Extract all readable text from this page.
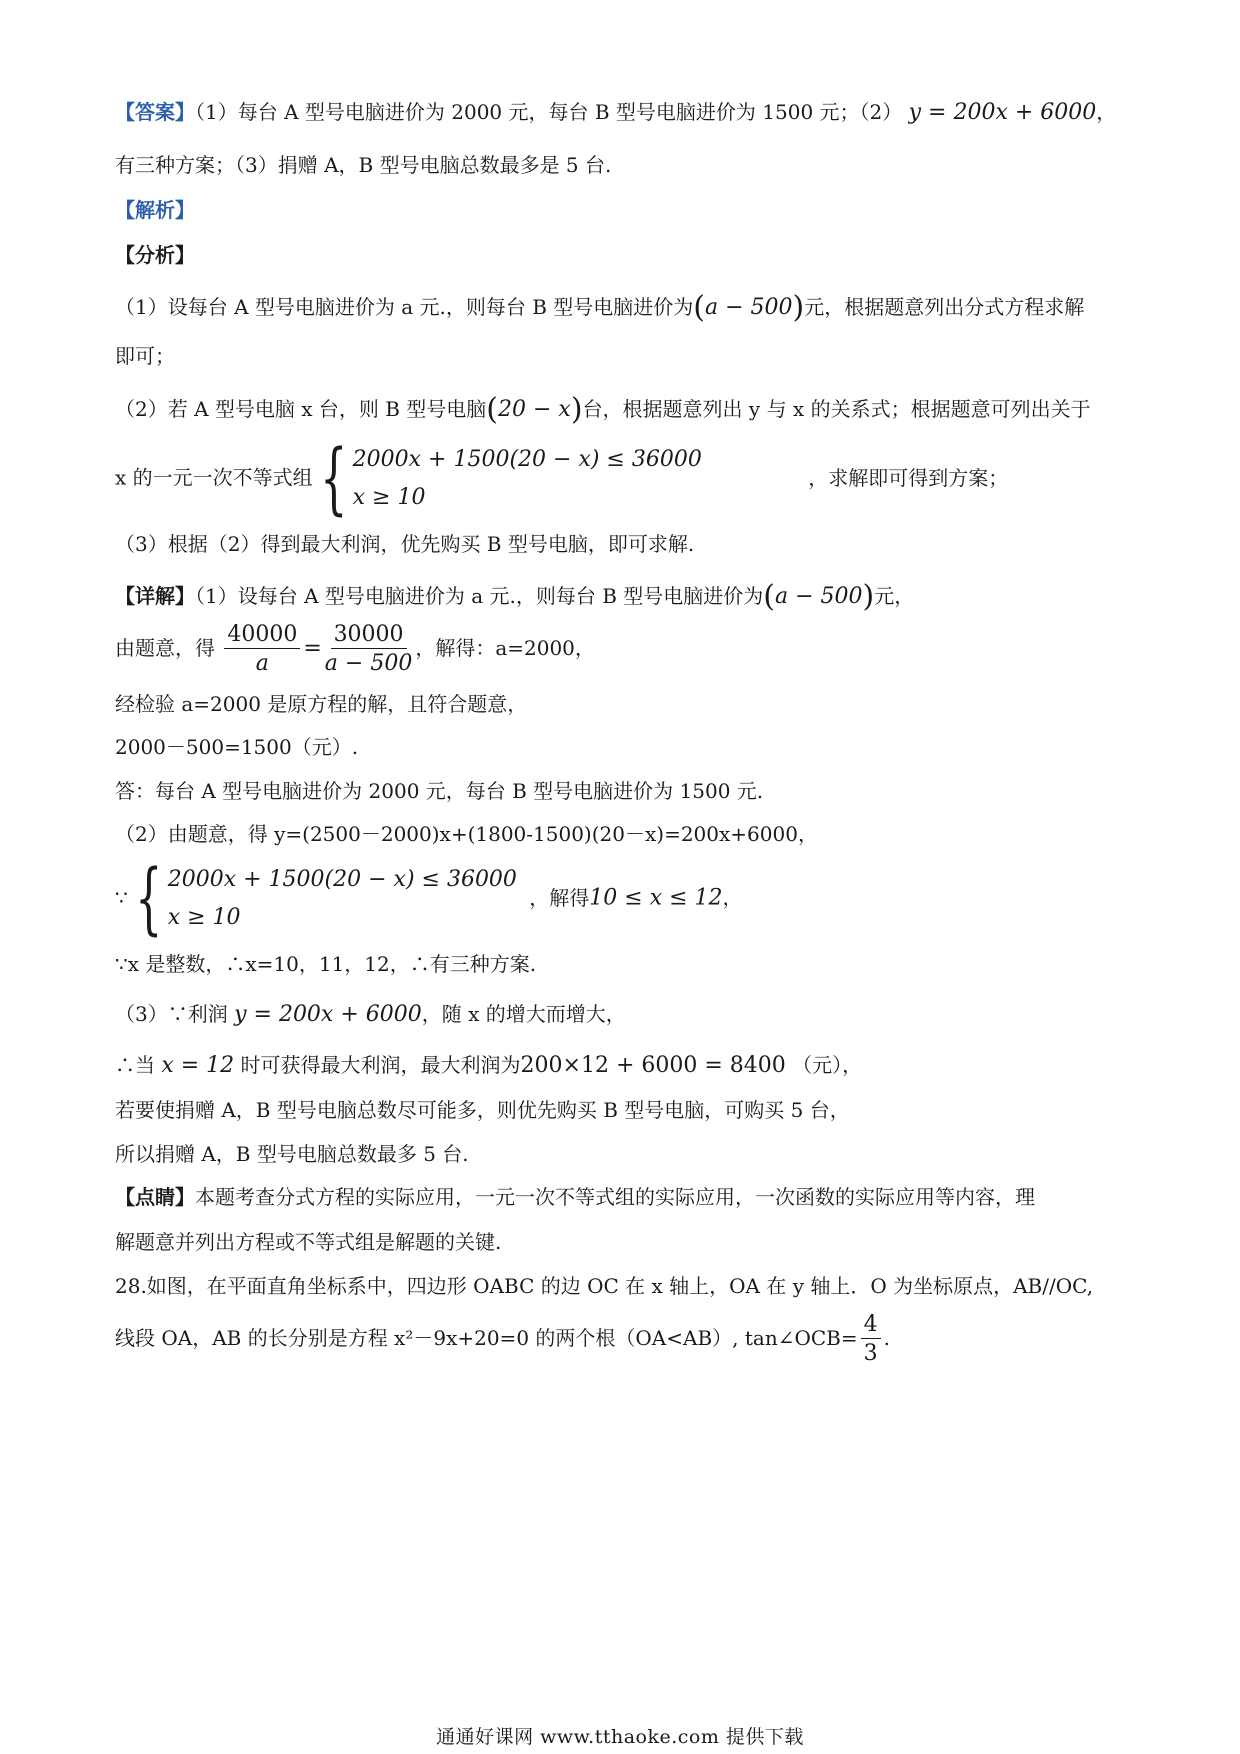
【答案】（1）每台 A 型号电脑进价为 2000 元，每台 B 型号电脑进价为 1500 元；（2） y = 200x + 6000，
有三种方案；（3）捐赠 A，B 型号电脑总数最多是 5 台.
【解析】
【分析】
（1）设每台 A 型号电脑进价为 a 元.，则每台 B 型号电脑进价为(a − 500)元，根据题意列出分式方程求解
即可；
（2）若 A 型号电脑 x 台，则 B 型号电脑(20 − x)台，根据题意列出 y 与 x 的关系式；根据题意可列出关于
x 的一元一次不等式组 { 2000x + 1500(20 − x) ≤ 36000
x ≥ 10
，求解即可得到方案；
（3）根据（2）得到最大利润，优先购买 B 型号电脑，即可求解.
【详解】（1）设每台 A 型号电脑进价为 a 元.，则每台 B 型号电脑进价为(a − 500)元，
由题意，得 $\frac{40000}{a} = \frac{30000}{a - 500}$ ，解得：a=2000，
经检验 a=2000 是原方程的解，且符合题意，
2000－500=1500（元）.
答：每台 A 型号电脑进价为 2000 元，每台 B 型号电脑进价为 1500 元.
（2）由题意，得 y=(2500－2000)x+(1800-1500)(20－x)=200x+6000，
∵ { 2000x + 1500(20 − x) ≤ 36000
x ≥ 10
，解得10 ≤ x ≤ 12，
∵x 是整数，∴x=10，11，12，∴有三种方案.
（3）∵利润 y = 200x + 6000，随 x 的增大而增大，
∴当 x = 12 时可获得最大利润，最大利润为200×12 + 6000 = 8400 （元），
若要使捐赠 A，B 型号电脑总数尽可能多，则优先购买 B 型号电脑，可购买 5 台，
所以捐赠 A，B 型号电脑总数最多 5 台.
【点睛】本题考查分式方程的实际应用，一元一次不等式组的实际应用，一次函数的实际应用等内容，理
解题意并列出方程或不等式组是解题的关键.
28.如图，在平面直角坐标系中，四边形 OABC 的边 OC 在 x 轴上，OA 在 y 轴上．O 为坐标原点，AB//OC,
线段 OA，AB 的长分别是方程 x²－9x+20=0 的两个根（OA<AB）, tan∠OCB= $\frac{4}{3}$ .
通通好课网 www.tthaoke.com 提供下载
